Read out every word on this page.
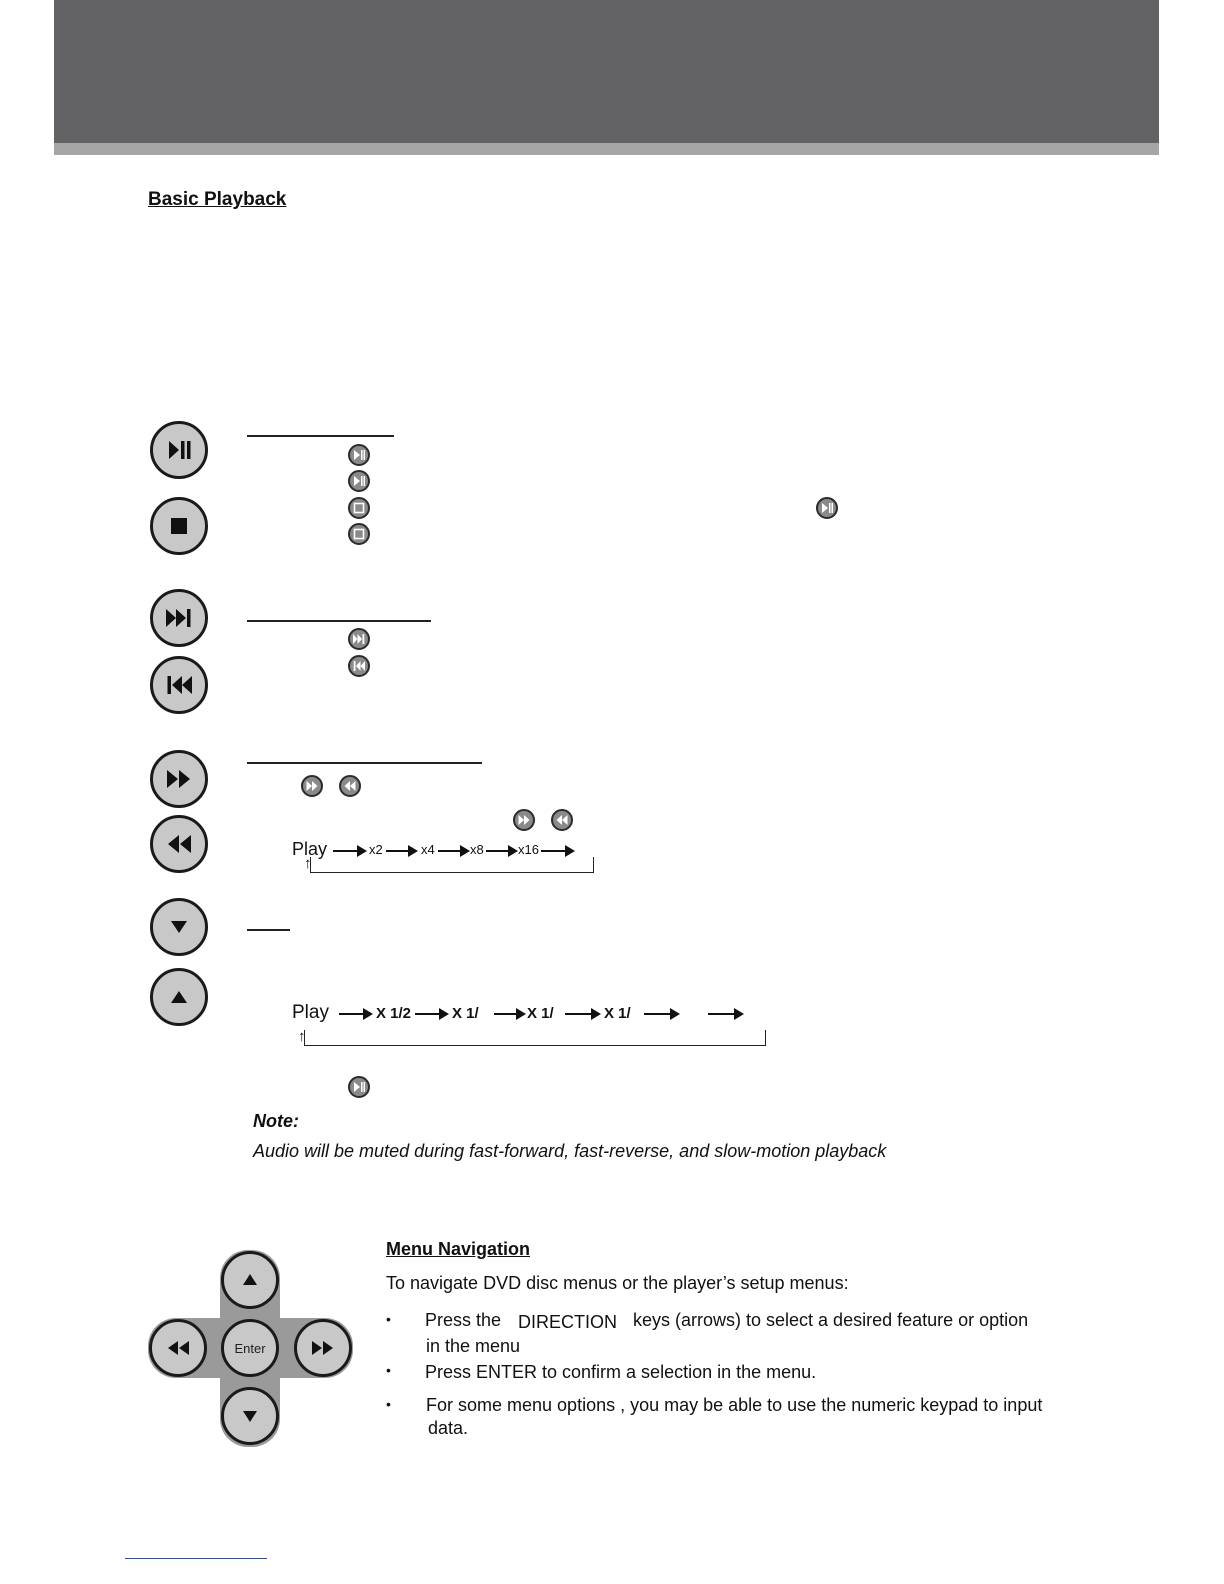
Basic Playback
Play	x2	x4	x8	x16
↑
Play	X 1/2	X 1/	X 1/	X 1/
↑
Note:
Audio will be muted during fast-forward, fast-reverse, and slow-motion playback
Enter
Menu Navigation
To navigate DVD disc menus or the player’s setup menus:
• Press the DIRECTION keys (arrows) to select a desired feature or option
in the menu
• Press ENTER to confirm a selection in the menu.
• For some menu options , you may be able to use the numeric keypad to input
data.
